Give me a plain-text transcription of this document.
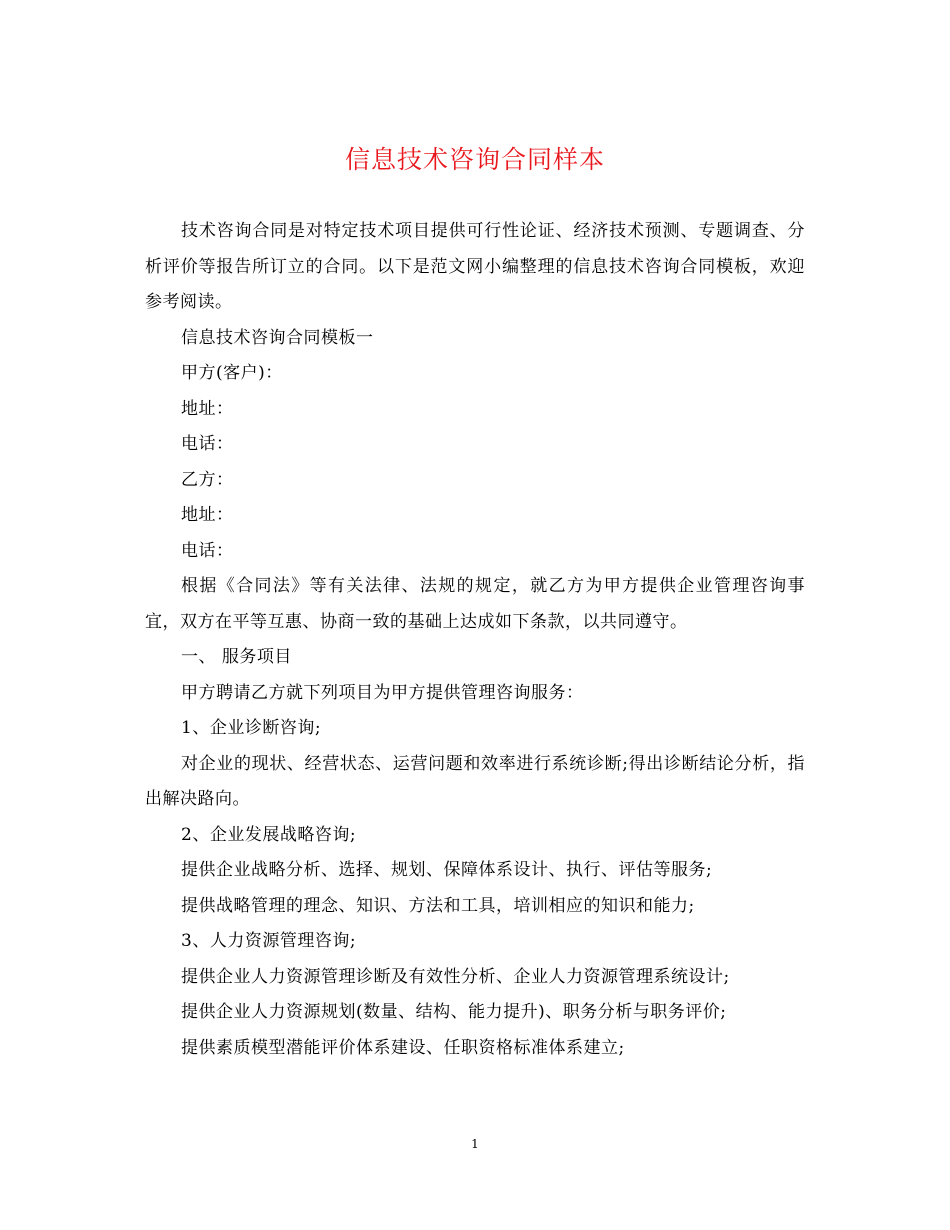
信息技术咨询合同样本

技术咨询合同是对特定技术项目提供可行性论证、经济技术预测、专题调查、分析评价等报告所订立的合同。以下是范文网小编整理的信息技术咨询合同模板，欢迎参考阅读。

信息技术咨询合同模板一

甲方(客户)：

地址：

电话：

乙方：

地址：

电话：

根据《合同法》等有关法律、法规的规定，就乙方为甲方提供企业管理咨询事宜，双方在平等互惠、协商一致的基础上达成如下条款，以共同遵守。

一、 服务项目

甲方聘请乙方就下列项目为甲方提供管理咨询服务：

1、企业诊断咨询;

对企业的现状、经营状态、运营问题和效率进行系统诊断;得出诊断结论分析，指出解决路向。

2、企业发展战略咨询;

提供企业战略分析、选择、规划、保障体系设计、执行、评估等服务;

提供战略管理的理念、知识、方法和工具，培训相应的知识和能力;

3、人力资源管理咨询;

提供企业人力资源管理诊断及有效性分析、企业人力资源管理系统设计;

提供企业人力资源规划(数量、结构、能力提升)、职务分析与职务评价;

提供素质模型潜能评价体系建设、任职资格标准体系建立;

1
